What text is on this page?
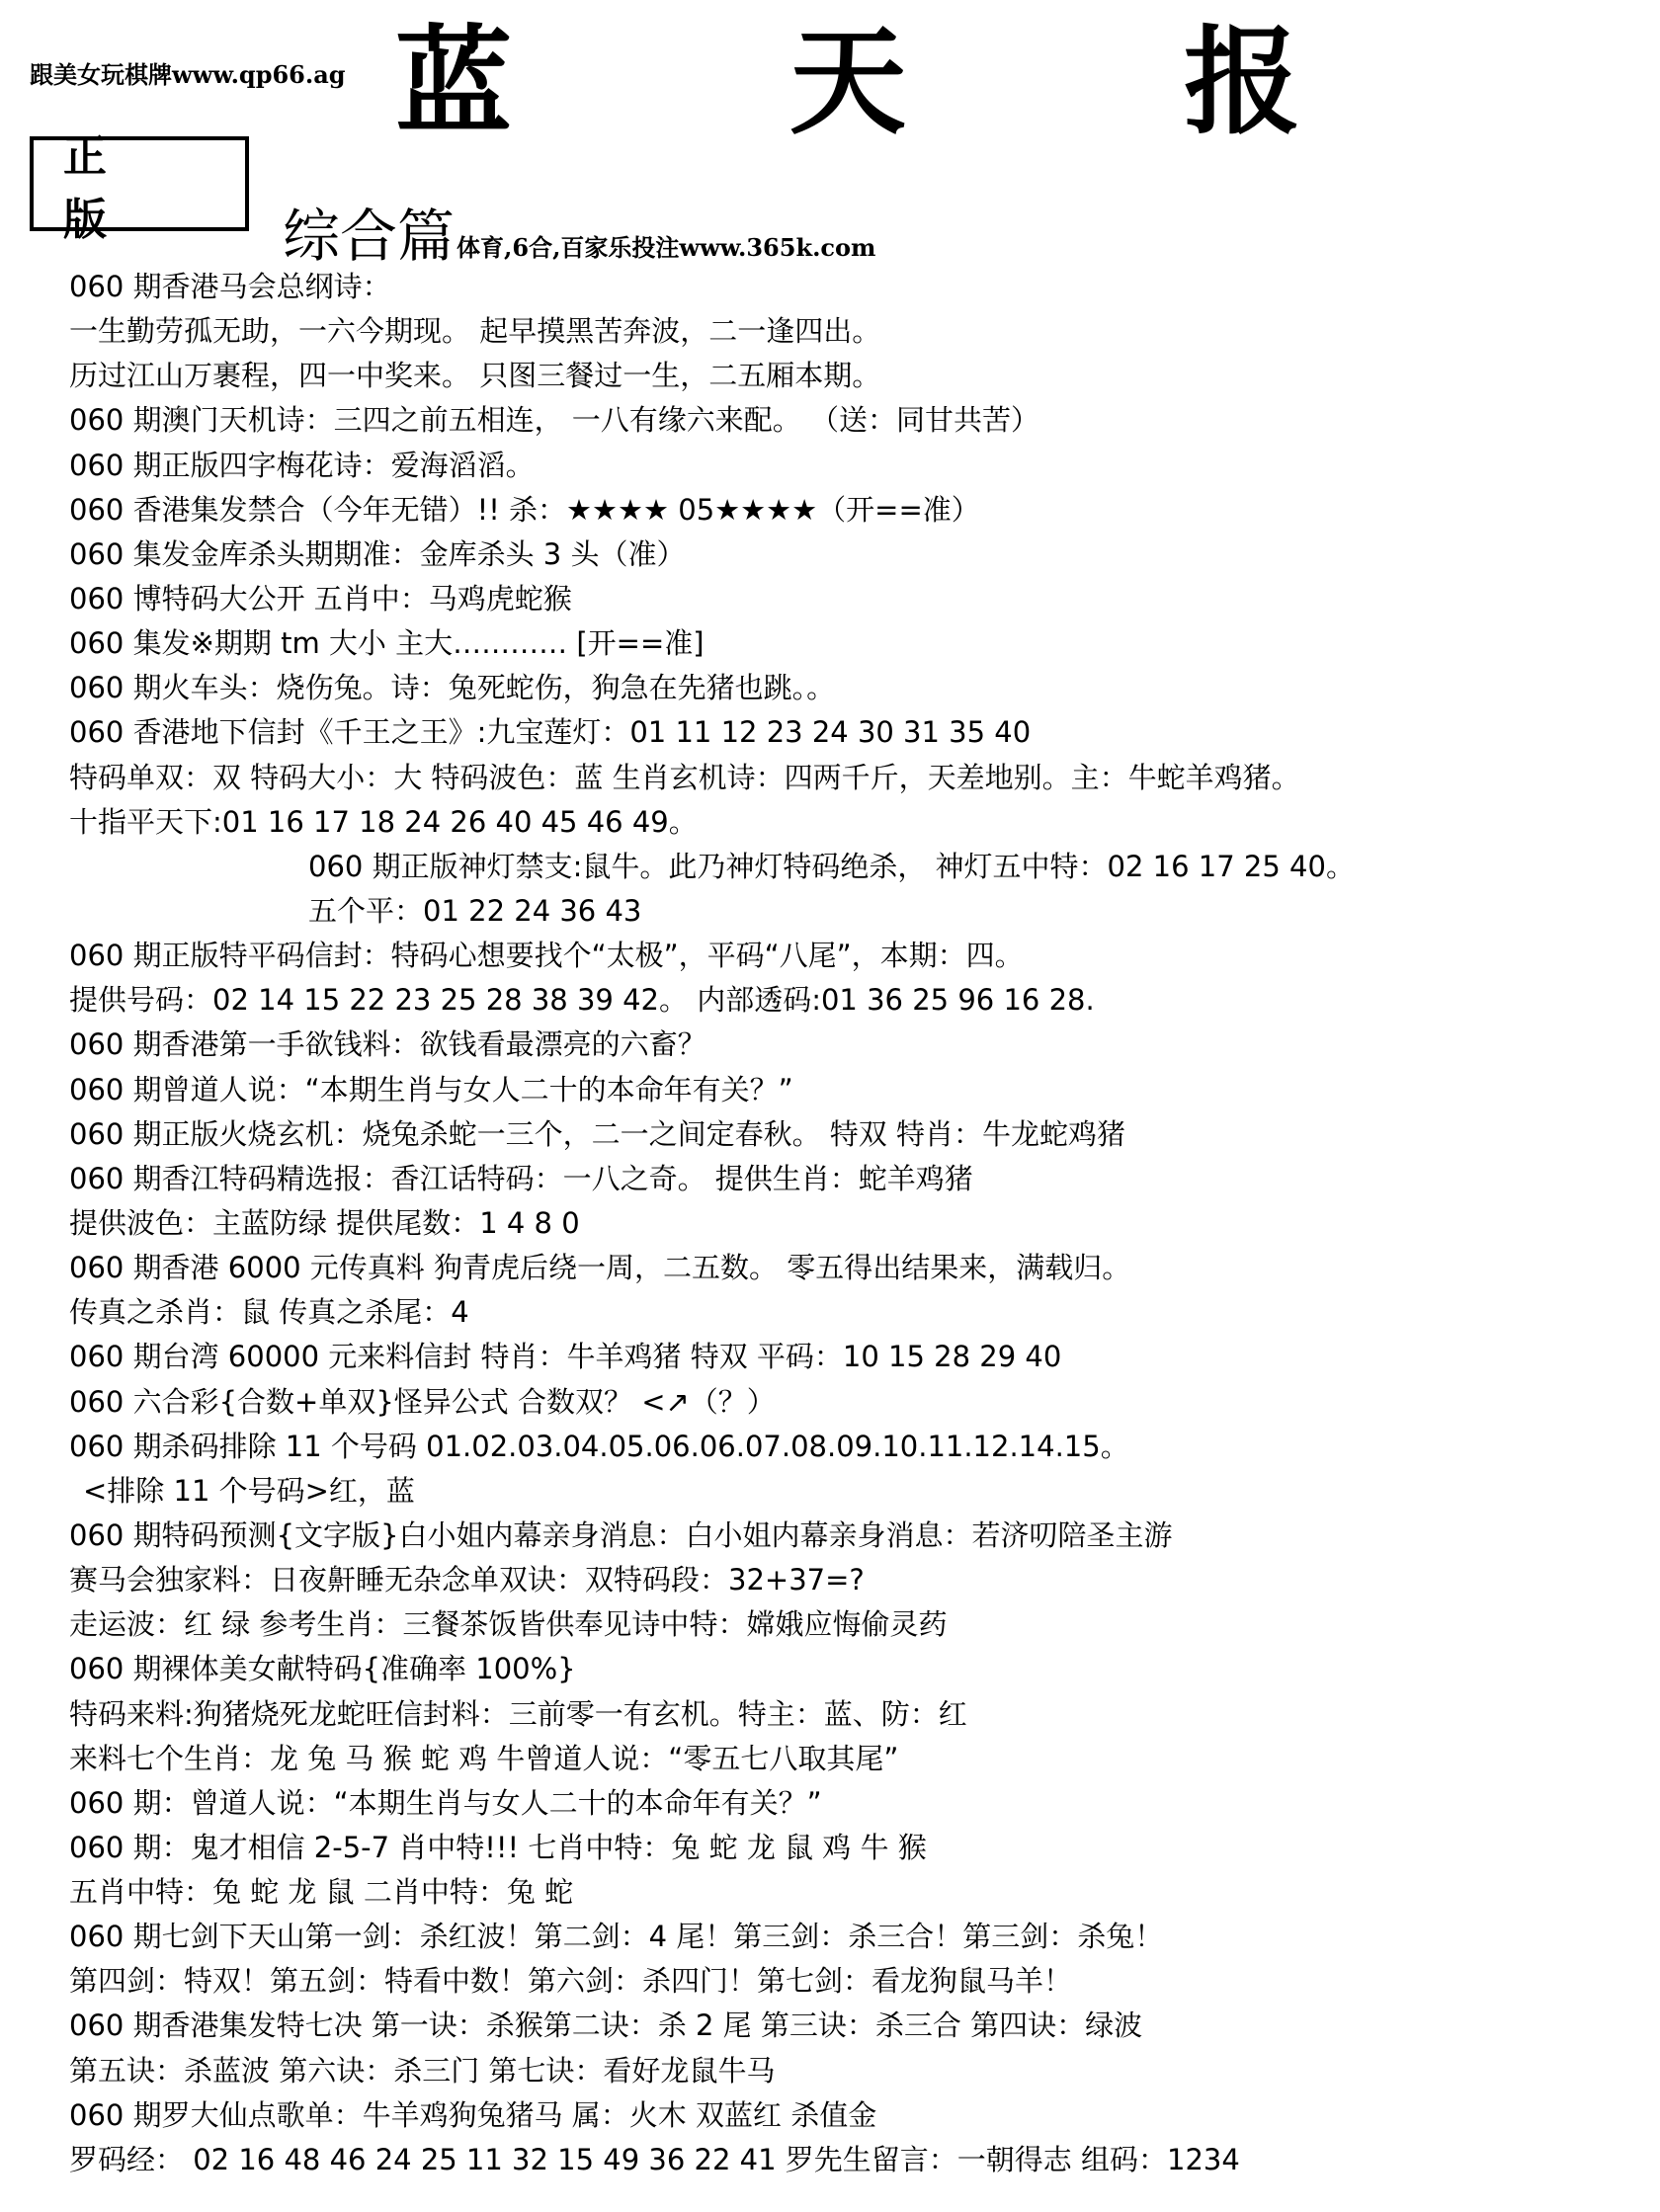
跟美女玩棋牌www.qp66.ag 蓝 天 报
正 版	综合篇 体育,6合,百家乐投注www.365k.com
060 期香港马会总纲诗：
一生勤劳孤无助，一六今期现。 起早摸黑苦奔波，二一逢四出。
历过江山万裹程，四一中奖来。 只图三餐过一生，二五厢本期。
060 期澳门天机诗：三四之前五相连， 一八有缘六来配。 （送：同甘共苦）
060 期正版四字梅花诗：爱海滔滔。
060 香港集发禁合（今年无错）!! 杀：★★★★ 05★★★★（开==准）
060 集发金库杀头期期准：金库杀头 3 头（准）
060 博特码大公开 五肖中：马鸡虎蛇猴
060 集发※期期 tm 大小 主大………… [开==准]
060 期火车头：烧伤兔。诗：兔死蛇伤，狗急在先猪也跳。。
060 香港地下信封《千王之王》:九宝莲灯：01 11 12 23 24 30 31 35 40
特码单双：双 特码大小：大 特码波色：蓝 生肖玄机诗：四两千斤，天差地别。主：牛蛇羊鸡猪。
十指平天下:01 16 17 18 24 26 40 45 46 49。
060 期正版神灯禁支:鼠牛。此乃神灯特码绝杀， 神灯五中特：02 16 17 25 40。
五个平：01 22 24 36 43
060 期正版特平码信封：特码心想要找个“太极”，平码“八尾”，本期：四。
提供号码：02 14 15 22 23 25 28 38 39 42。 内部透码:01 36 25 96 16 28.
060 期香港第一手欲钱料：欲钱看最漂亮的六畜？
060 期曾道人说：“本期生肖与女人二十的本命年有关？”
060 期正版火烧玄机：烧兔杀蛇一三个，二一之间定春秋。 特双 特肖：牛龙蛇鸡猪
060 期香江特码精选报：香江话特码：一八之奇。 提供生肖：蛇羊鸡猪
提供波色：主蓝防绿 提供尾数：1 4 8 0
060 期香港 6000 元传真料 狗青虎后绕一周，二五数。 零五得出结果来，满载归。
传真之杀肖：鼠 传真之杀尾：4
060 期台湾 60000 元来料信封 特肖：牛羊鸡猪 特双 平码：10 15 28 29 40
060 六合彩{合数+单双}怪异公式 合数双？ <↗（？）
060 期杀码排除 11 个号码 01.02.03.04.05.06.06.07.08.09.10.11.12.14.15。
<排除 11 个号码>红，蓝
060 期特码预测{文字版}白小姐内幕亲身消息：白小姐内幕亲身消息：若济叨陪圣主游
赛马会独家料：日夜鼾睡无杂念单双诀：双特码段：32+37=?
走运波：红 绿 参考生肖：三餐茶饭皆供奉见诗中特：嫦娥应悔偷灵药
060 期裸体美女献特码{准确率 100%}
特码来料:狗猪烧死龙蛇旺信封料：三前零一有玄机。特主：蓝、防：红
来料七个生肖：龙 兔 马 猴 蛇 鸡 牛曾道人说：“零五七八取其尾”
060 期：曾道人说：“本期生肖与女人二十的本命年有关？”
060 期：鬼才相信 2-5-7 肖中特!!! 七肖中特：兔 蛇 龙 鼠 鸡 牛 猴
五肖中特：兔 蛇 龙 鼠 二肖中特：兔 蛇
060 期七剑下天山第一剑：杀红波！第二剑：4 尾！第三剑：杀三合！第三剑：杀兔！
第四剑：特双！第五剑：特看中数！第六剑：杀四门！第七剑：看龙狗鼠马羊！
060 期香港集发特七决 第一诀：杀猴第二诀：杀 2 尾 第三诀：杀三合 第四诀：绿波
第五诀：杀蓝波 第六诀：杀三门 第七诀：看好龙鼠牛马
060 期罗大仙点歌单：牛羊鸡狗兔猪马 属：火木 双蓝红 杀值金
罗码经： 02 16 48 46 24 25 11 32 15 49 36 22 41 罗先生留言：一朝得志 组码：1234
